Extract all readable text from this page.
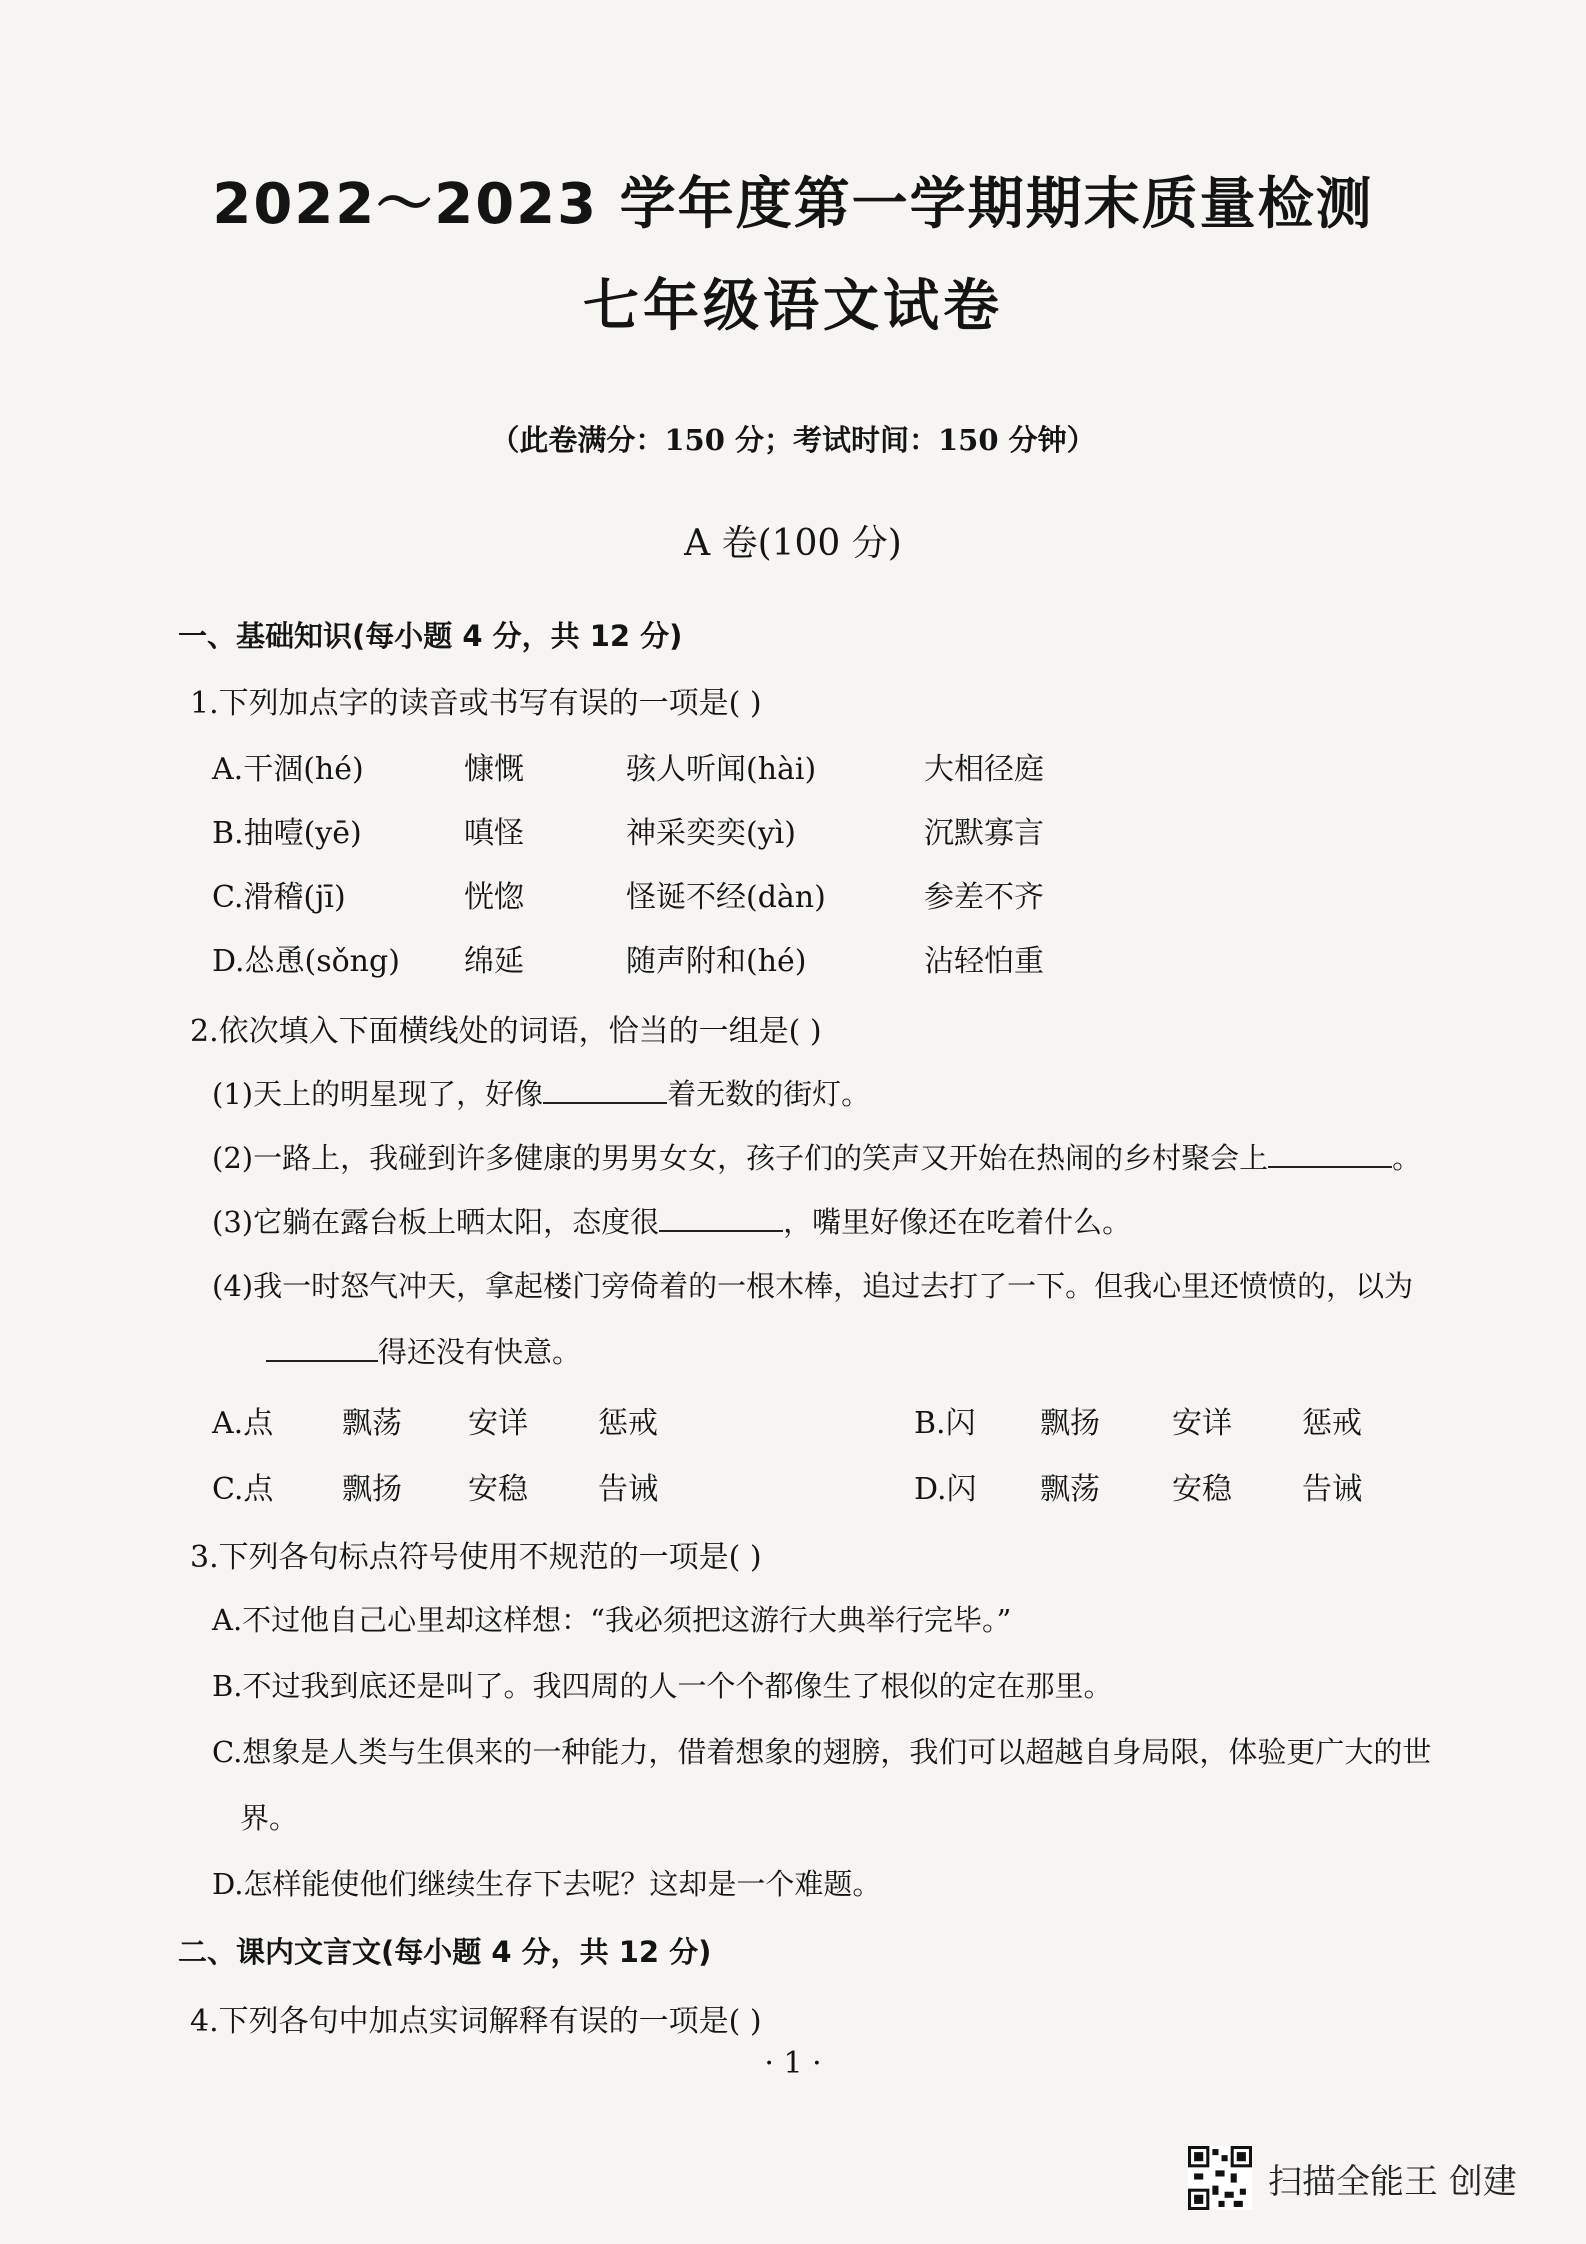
2022～2023 学年度第一学期期末质量检测
七年级语文试卷
（此卷满分：150 分；考试时间：150 分钟）
A 卷(100 分)
一、基础知识(每小题 4 分，共 12 分)
1.下列加点字的读音或书写有误的一项是( )
A.干涸(hé)	慷慨	骇人听闻(hài)	大相径庭
B.抽噎(yē)	嗔怪	神采奕奕(yì)	沉默寡言
C.滑稽(jī)	恍惚	怪诞不经(dàn)	参差不齐
D.怂恿(sǒng) 绵延	随声附和(hé)	沾轻怕重
2.依次填入下面横线处的词语，恰当的一组是( )
(1)天上的明星现了，好像	着无数的街灯。
(2)一路上，我碰到许多健康的男男女女，孩子们的笑声又开始在热闹的乡村聚会上	。
(3)它躺在露台板上晒太阳，态度很	，嘴里好像还在吃着什么。
(4)我一时怒气冲天，拿起楼门旁倚着的一根木棒，追过去打了一下。但我心里还愤愤的，以为
得还没有快意。
A.点 飘荡 安详 惩戒	B.闪 飘扬 安详 惩戒
C.点 飘扬 安稳 告诫	D.闪 飘荡 安稳 告诫
3.下列各句标点符号使用不规范的一项是( )
A.不过他自己心里却这样想：“我必须把这游行大典举行完毕。”
B.不过我到底还是叫了。我四周的人一个个都像生了根似的定在那里。
C.想象是人类与生俱来的一种能力，借着想象的翅膀，我们可以超越自身局限，体验更广大的世
界。
D.怎样能使他们继续生存下去呢？这却是一个难题。
二、课内文言文(每小题 4 分，共 12 分)
4.下列各句中加点实词解释有误的一项是( )
· 1 ·
扫描全能王 创建
